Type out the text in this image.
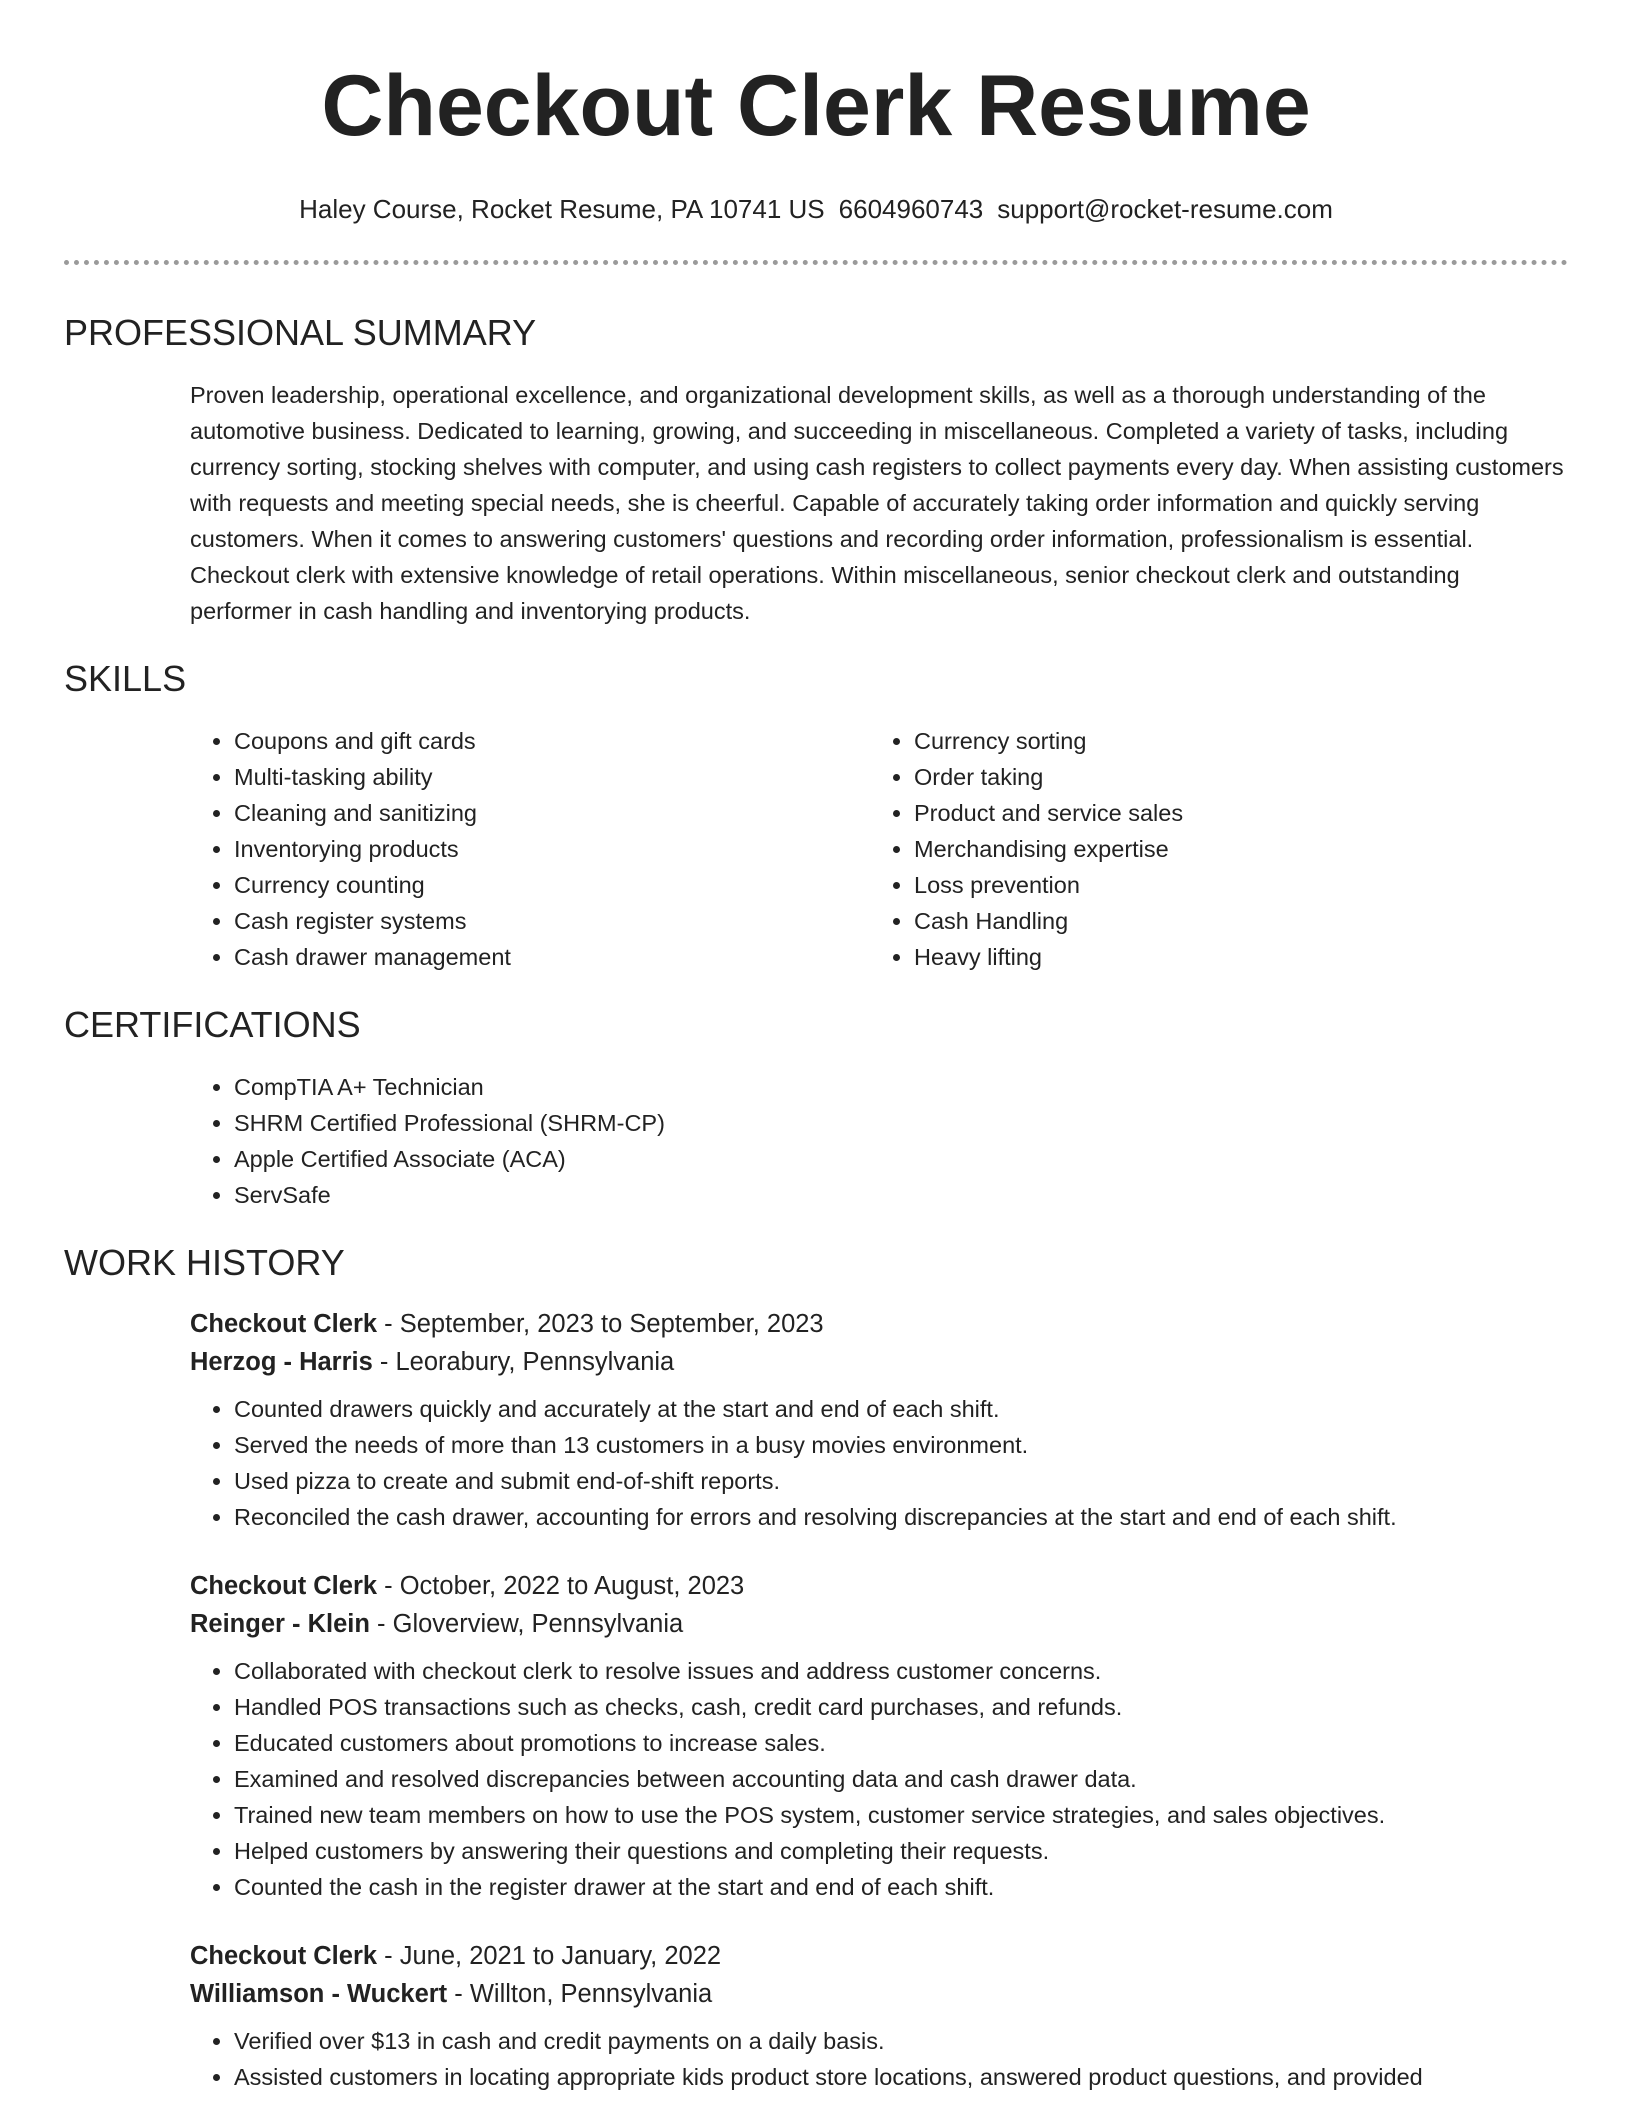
Checkout Clerk Resume
Haley Course, Rocket Resume, PA 10741 US 6604960743 support@rocket-resume.com
PROFESSIONAL SUMMARY

Proven leadership, operational excellence, and organizational development skills, as well as a thorough understanding of the automotive business. Dedicated to learning, growing, and succeeding in miscellaneous. Completed a variety of tasks, including currency sorting, stocking shelves with computer, and using cash registers to collect payments every day. When assisting customers with requests and meeting special needs, she is cheerful. Capable of accurately taking order information and quickly serving customers. When it comes to answering customers' questions and recording order information, professionalism is essential. Checkout clerk with extensive knowledge of retail operations. Within miscellaneous, senior checkout clerk and outstanding performer in cash handling and inventorying products.

SKILLS
• Coupons and gift cards
• Multi-tasking ability
• Cleaning and sanitizing
• Inventorying products
• Currency counting
• Cash register systems
• Cash drawer management
• Currency sorting
• Order taking
• Product and service sales
• Merchandising expertise
• Loss prevention
• Cash Handling
• Heavy lifting
CERTIFICATIONS
• CompTIA A+ Technician
• SHRM Certified Professional (SHRM-CP)
• Apple Certified Associate (ACA)
• ServSafe
WORK HISTORY
Checkout Clerk - September, 2023 to September, 2023
Herzog - Harris - Leorabury, Pennsylvania
• Counted drawers quickly and accurately at the start and end of each shift.
• Served the needs of more than 13 customers in a busy movies environment.
• Used pizza to create and submit end-of-shift reports.
• Reconciled the cash drawer, accounting for errors and resolving discrepancies at the start and end of each shift.
Checkout Clerk - October, 2022 to August, 2023
Reinger - Klein - Gloverview, Pennsylvania
• Collaborated with checkout clerk to resolve issues and address customer concerns.
• Handled POS transactions such as checks, cash, credit card purchases, and refunds.
• Educated customers about promotions to increase sales.
• Examined and resolved discrepancies between accounting data and cash drawer data.
• Trained new team members on how to use the POS system, customer service strategies, and sales objectives.
• Helped customers by answering their questions and completing their requests.
• Counted the cash in the register drawer at the start and end of each shift.
Checkout Clerk - June, 2021 to January, 2022
Williamson - Wuckert - Willton, Pennsylvania
• Verified over $13 in cash and credit payments on a daily basis.
• Assisted customers in locating appropriate kids product store locations, answered product questions, and provided
